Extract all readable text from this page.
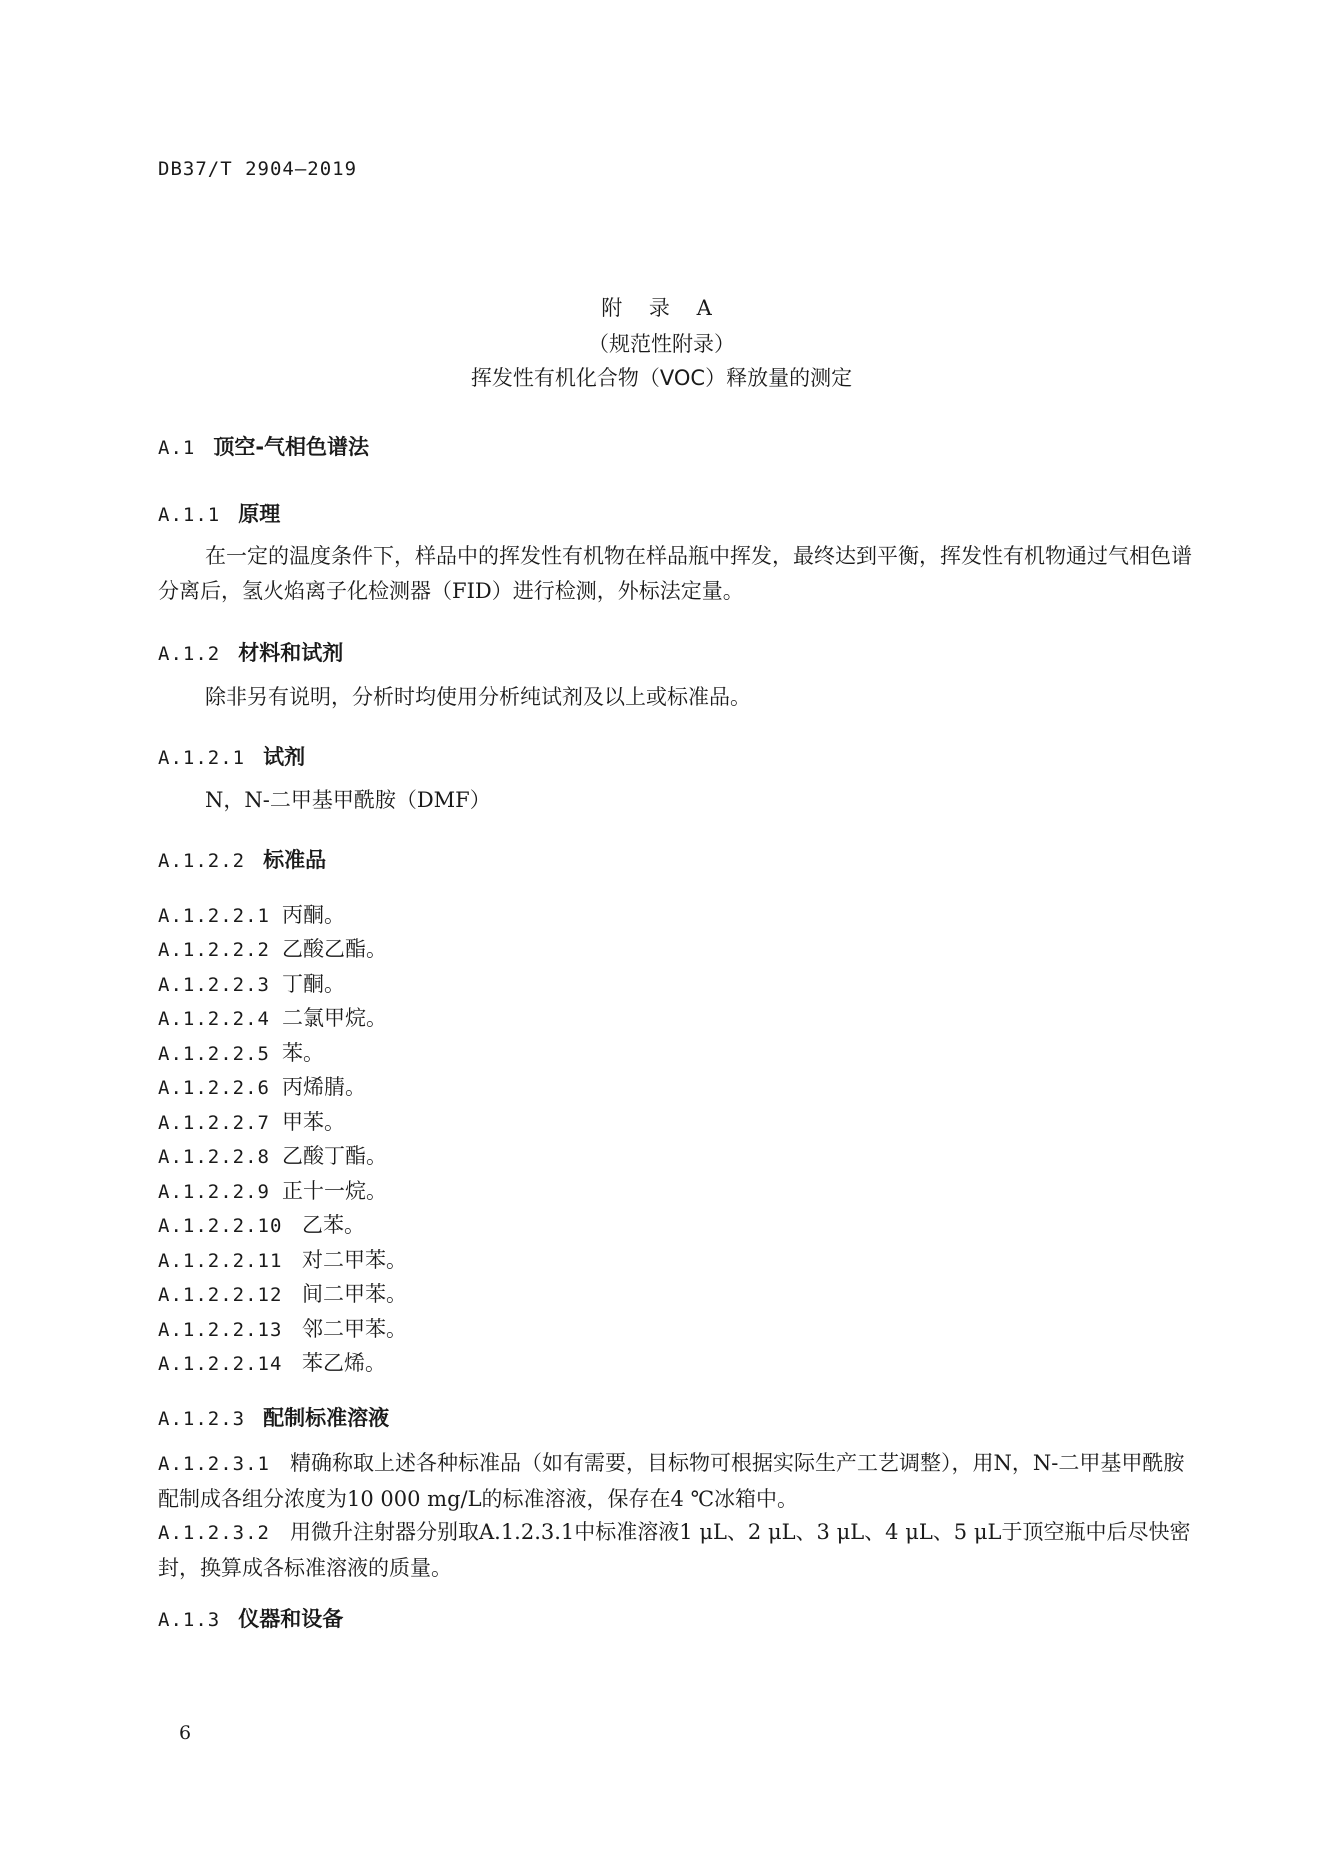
DB37/T 2904—2019
附 录 A
（规范性附录）
挥发性有机化合物（VOC）释放量的测定
A.1 顶空-气相色谱法
A.1.1 原理
在一定的温度条件下，样品中的挥发性有机物在样品瓶中挥发，最终达到平衡，挥发性有机物通过气相色谱分离后，氢火焰离子化检测器（FID）进行检测，外标法定量。
A.1.2 材料和试剂
除非另有说明，分析时均使用分析纯试剂及以上或标准品。
A.1.2.1 试剂
N，N-二甲基甲酰胺（DMF）
A.1.2.2 标准品
A.1.2.2.1 丙酮。
A.1.2.2.2 乙酸乙酯。
A.1.2.2.3 丁酮。
A.1.2.2.4 二氯甲烷。
A.1.2.2.5 苯。
A.1.2.2.6 丙烯腈。
A.1.2.2.7 甲苯。
A.1.2.2.8 乙酸丁酯。
A.1.2.2.9 正十一烷。
A.1.2.2.10 乙苯。
A.1.2.2.11 对二甲苯。
A.1.2.2.12 间二甲苯。
A.1.2.2.13 邻二甲苯。
A.1.2.2.14 苯乙烯。
A.1.2.3 配制标准溶液
A.1.2.3.1 精确称取上述各种标准品（如有需要，目标物可根据实际生产工艺调整），用N，N-二甲基甲酰胺配制成各组分浓度为10 000 mg/L的标准溶液，保存在4 ℃冰箱中。
A.1.2.3.2 用微升注射器分别取A.1.2.3.1中标准溶液1 μL、2 μL、3 μL、4 μL、5 μL于顶空瓶中后尽快密封，换算成各标准溶液的质量。
A.1.3 仪器和设备
6
